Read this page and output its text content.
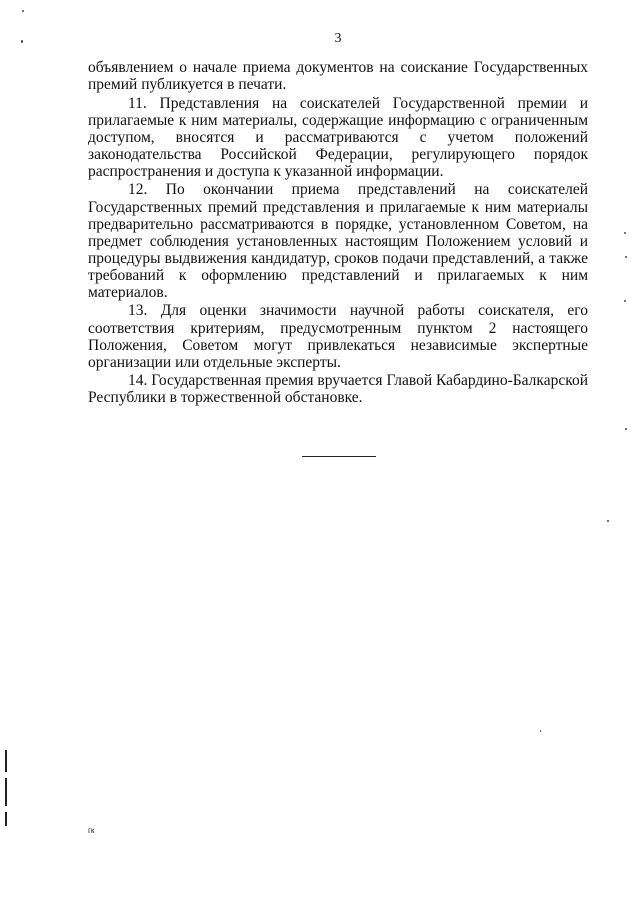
3

объявлением о начале приема документов на соискание Государственных премий публикуется в печати.

11. Представления на соискателей Государственной премии и прилагаемые к ним материалы, содержащие информацию с ограниченным доступом, вносятся и рассматриваются с учетом положений законодательства Российской Федерации, регулирующего порядок распространения и доступа к указанной информации.

12. По окончании приема представлений на соискателей Государственных премий представления и прилагаемые к ним материалы предварительно рассматриваются в порядке, установленном Советом, на предмет соблюдения установленных настоящим Положением условий и процедуры выдвижения кандидатур, сроков подачи представлений, а также требований к оформлению представлений и прилагаемых к ним материалов.

13. Для оценки значимости научной работы соискателя, его соответствия критериям, предусмотренным пунктом 2 настоящего Положения, Советом могут привлекаться независимые экспертные организации или отдельные эксперты.

14. Государственная премия вручается Главой Кабардино-Балкарской Республики в торжественной обстановке.

гк
